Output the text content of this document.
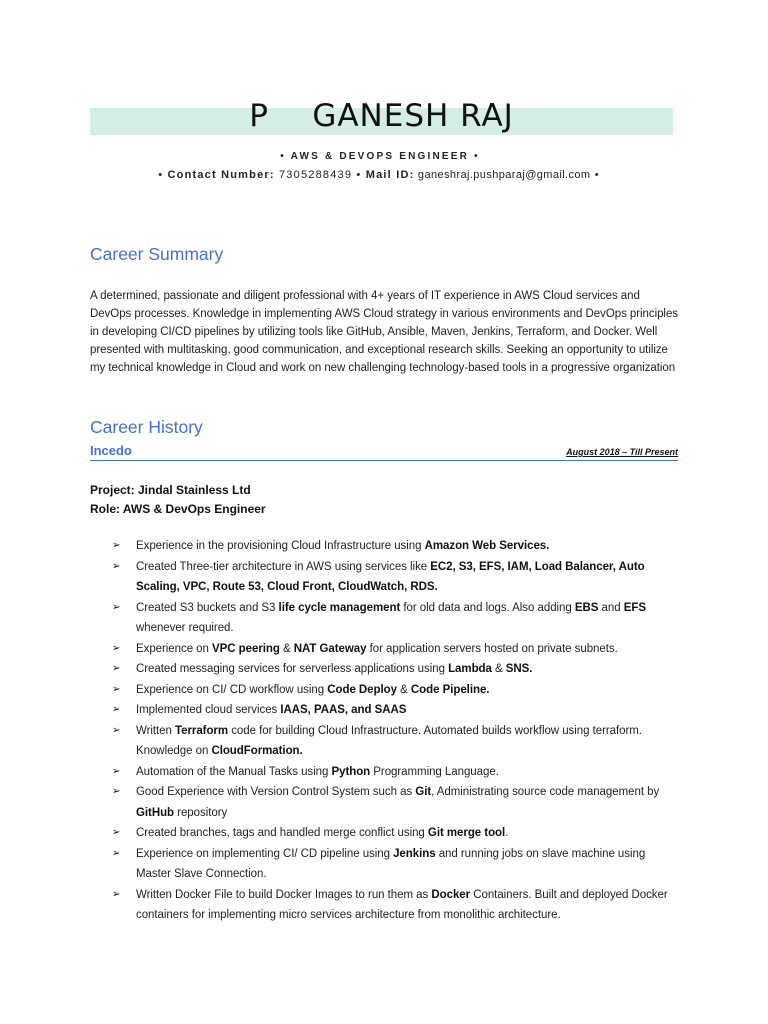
P    GANESH RAJ
• AWS & DEVOPS ENGINEER •
• Contact Number: 7305288439 • Mail ID: ganeshraj.pushparaj@gmail.com •
Career Summary
A determined, passionate and diligent professional with 4+ years of IT experience in AWS Cloud services and DevOps processes. Knowledge in implementing AWS Cloud strategy in various environments and DevOps principles in developing CI/CD pipelines by utilizing tools like GitHub, Ansible, Maven, Jenkins, Terraform, and Docker. Well presented with multitasking, good communication, and exceptional research skills. Seeking an opportunity to utilize my technical knowledge in Cloud and work on new challenging technology-based tools in a progressive organization
Career History
Incedo	August 2018 – Till Present
Project: Jindal Stainless Ltd
Role: AWS & DevOps Engineer
➢ Experience in the provisioning Cloud Infrastructure using Amazon Web Services.
➢ Created Three-tier architecture in AWS using services like EC2, S3, EFS, IAM, Load Balancer, Auto Scaling, VPC, Route 53, Cloud Front, CloudWatch, RDS.
➢ Created S3 buckets and S3 life cycle management for old data and logs. Also adding EBS and EFS whenever required.
➢ Experience on VPC peering & NAT Gateway for application servers hosted on private subnets.
➢ Created messaging services for serverless applications using Lambda & SNS.
➢ Experience on CI/ CD workflow using Code Deploy & Code Pipeline.
➢ Implemented cloud services IAAS, PAAS, and SAAS
➢ Written Terraform code for building Cloud Infrastructure. Automated builds workflow using terraform. Knowledge on CloudFormation.
➢ Automation of the Manual Tasks using Python Programming Language.
➢ Good Experience with Version Control System such as Git, Administrating source code management by GitHub repository
➢ Created branches, tags and handled merge conflict using Git merge tool.
➢ Experience on implementing CI/ CD pipeline using Jenkins and running jobs on slave machine using Master Slave Connection.
➢ Written Docker File to build Docker Images to run them as Docker Containers. Built and deployed Docker containers for implementing micro services architecture from monolithic architecture.
